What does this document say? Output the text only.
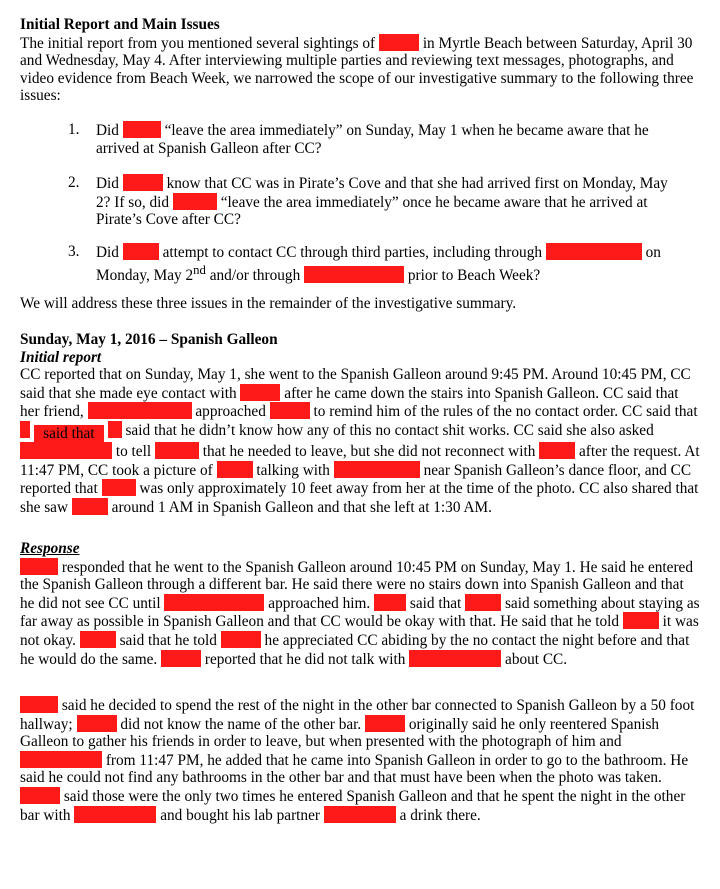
Initial Report and Main Issues
The initial report from you mentioned several sightings of	in Myrtle Beach between Saturday, April 30 and Wednesday, May 4. After interviewing multiple parties and reviewing text messages, photographs, and video evidence from Beach Week, we narrowed the scope of our investigative summary to the following three issues:
1.	Did	“leave the area immediately” on Sunday, May 1 when he became aware that he arrived at Spanish Galleon after CC?
2.	Did	know that CC was in Pirate’s Cove and that she had arrived first on Monday, May 2? If so, did	“leave the area immediately” once he became aware that he arrived at Pirate’s Cove after CC?
3.	Did	attempt to contact CC through third parties, including through	on Monday, May 2nd and/or through	prior to Beach Week?
We will address these three issues in the remainder of the investigative summary.
Sunday, May 1, 2016 – Spanish Galleon
Initial report
CC reported that on Sunday, May 1, she went to the Spanish Galleon around 9:45 PM. Around 10:45 PM, CC said that she made eye contact with	after he came down the stairs into Spanish Galleon. CC said that her friend,	approached	to remind him of the rules of the no contact order. CC said that  said that said that he didn’t know how any of this no contact shit works. CC said she also asked  to tell	that he needed to leave, but she did not reconnect with	after the request. At 11:47 PM, CC took a picture of	talking with	near Spanish Galleon’s dance floor, and CC reported that	was only approximately 10 feet away from her at the time of the photo. CC also shared that she saw	around 1 AM in Spanish Galleon and that she left at 1:30 AM.
Response
responded that he went to the Spanish Galleon around 10:45 PM on Sunday, May 1. He said he entered the Spanish Galleon through a different bar. He said there were no stairs down into Spanish Galleon and that he did not see CC until	approached him.	said that	said something about staying as far away as possible in Spanish Galleon and that CC would be okay with that. He said that he told	it was not okay.	said that he told	he appreciated CC abiding by the no contact the night before and that he would do the same.	reported that he did not talk with	about CC.
said he decided to spend the rest of the night in the other bar connected to Spanish Galleon by a 50 foot hallway;	did not know the name of the other bar.	originally said he only reentered Spanish Galleon to gather his friends in order to leave, but when presented with the photograph of him and  from 11:47 PM, he added that he came into Spanish Galleon in order to go to the bathroom. He said he could not find any bathrooms in the other bar and that must have been when the photo was taken.  said those were the only two times he entered Spanish Galleon and that he spent the night in the other bar with	and bought his lab partner	a drink there.
